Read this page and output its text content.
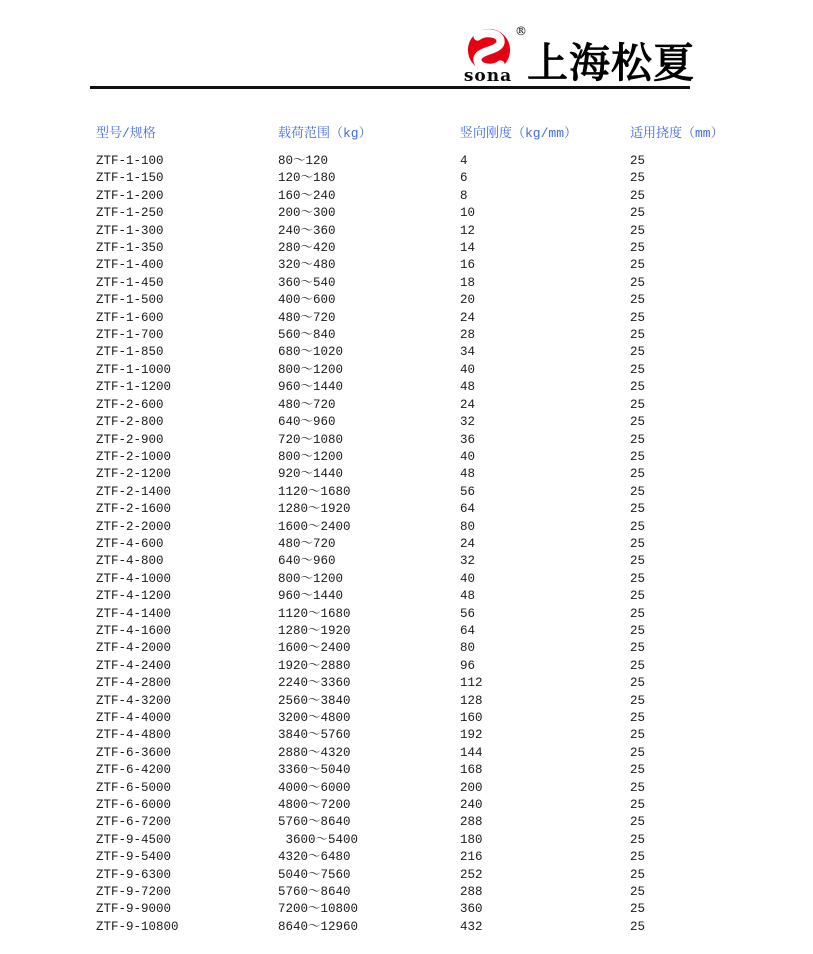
®
sona 上海松夏
型号/规格	载荷范围（kg）	竖向刚度（kg/mm）	适用挠度（mm）
ZTF-1-100	80～120	4	25
ZTF-1-150	120～180	6	25
ZTF-1-200	160～240	8	25
ZTF-1-250	200～300	10	25
ZTF-1-300	240～360	12	25
ZTF-1-350	280～420	14	25
ZTF-1-400	320～480	16	25
ZTF-1-450	360～540	18	25
ZTF-1-500	400～600	20	25
ZTF-1-600	480～720	24	25
ZTF-1-700	560～840	28	25
ZTF-1-850	680～1020	34	25
ZTF-1-1000	800～1200	40	25
ZTF-1-1200	960～1440	48	25
ZTF-2-600	480～720	24	25
ZTF-2-800	640～960	32	25
ZTF-2-900	720～1080	36	25
ZTF-2-1000	800～1200	40	25
ZTF-2-1200	920～1440	48	25
ZTF-2-1400	1120～1680	56	25
ZTF-2-1600	1280～1920	64	25
ZTF-2-2000	1600～2400	80	25
ZTF-4-600	480～720	24	25
ZTF-4-800	640～960	32	25
ZTF-4-1000	800～1200	40	25
ZTF-4-1200	960～1440	48	25
ZTF-4-1400	1120～1680	56	25
ZTF-4-1600	1280～1920	64	25
ZTF-4-2000	1600～2400	80	25
ZTF-4-2400	1920～2880	96	25
ZTF-4-2800	2240～3360	112	25
ZTF-4-3200	2560～3840	128	25
ZTF-4-4000	3200～4800	160	25
ZTF-4-4800	3840～5760	192	25
ZTF-6-3600	2880～4320	144	25
ZTF-6-4200	3360～5040	168	25
ZTF-6-5000	4000～6000	200	25
ZTF-6-6000	4800～7200	240	25
ZTF-6-7200	5760～8640	288	25
ZTF-9-4500	3600～5400	180	25
ZTF-9-5400	4320～6480	216	25
ZTF-9-6300	5040～7560	252	25
ZTF-9-7200	5760～8640	288	25
ZTF-9-9000	7200～10800	360	25
ZTF-9-10800	8640～12960	432	25
